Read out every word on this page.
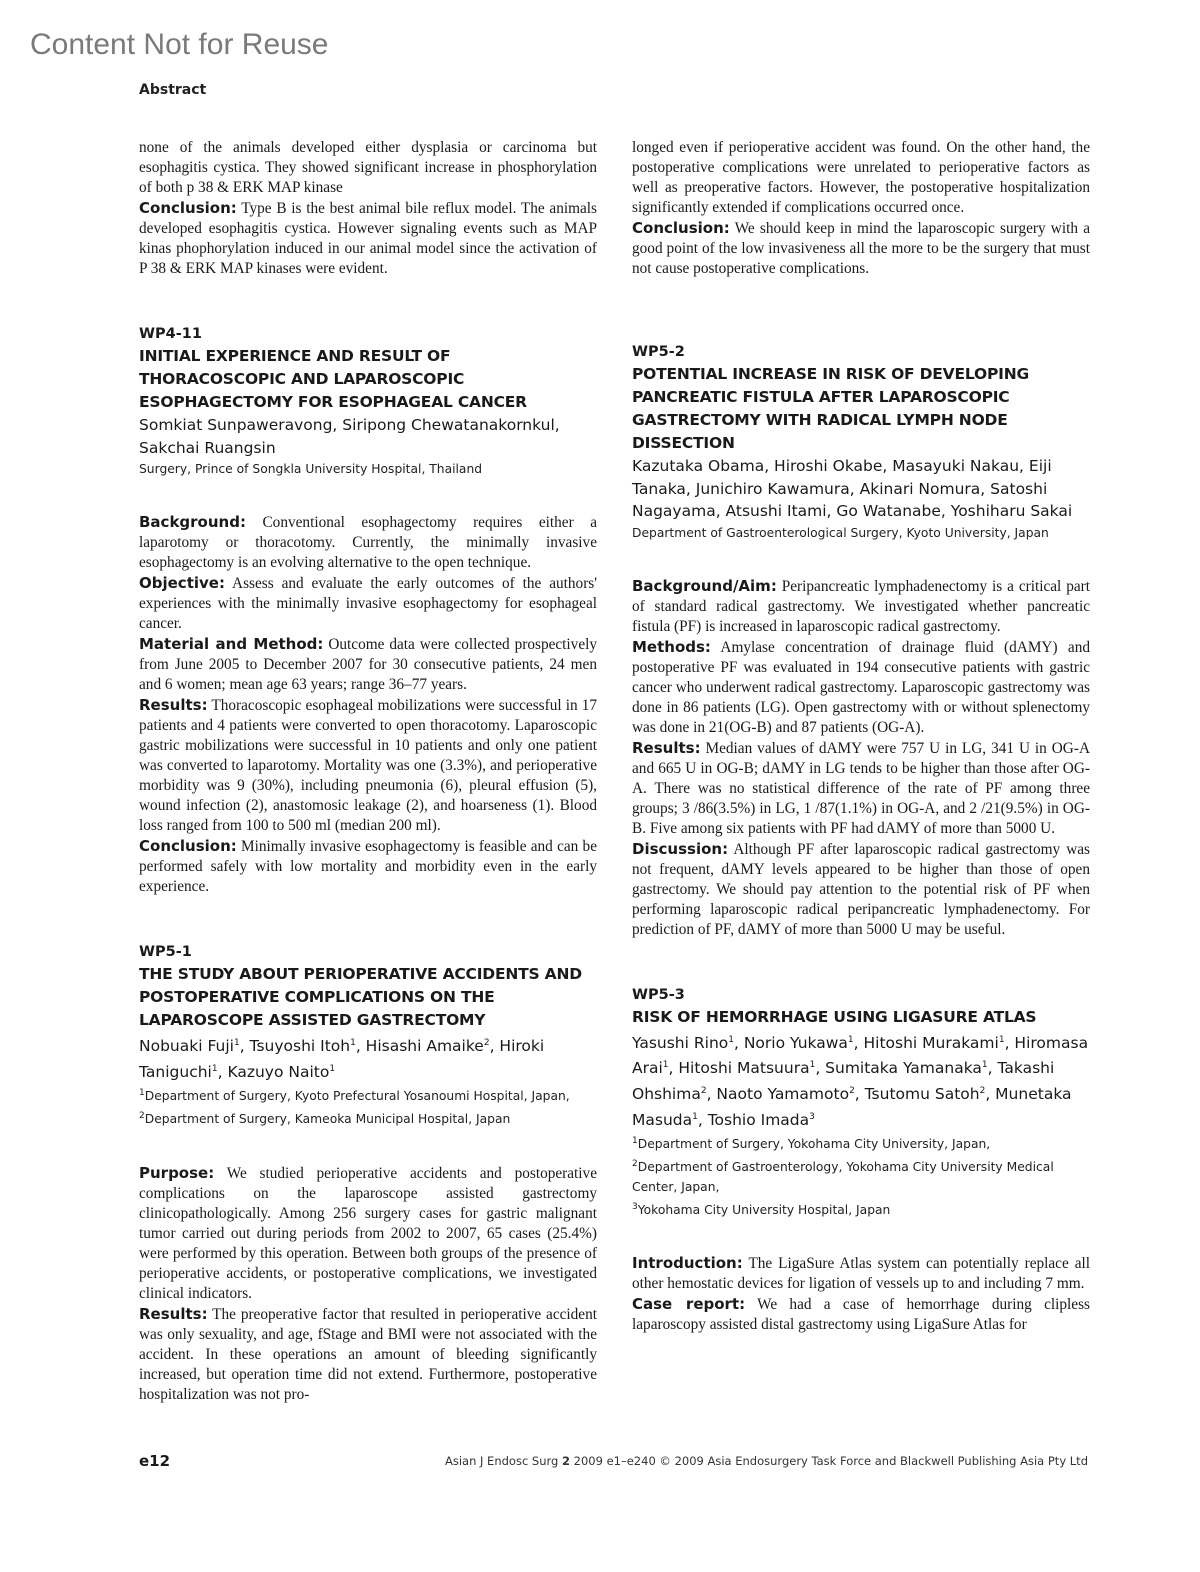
Content Not for Reuse
Abstract

none of the animals developed either dysplasia or carcinoma but esophagitis cystica. They showed significant increase in phosphorylation of both p 38 & ERK MAP kinase

Conclusion: Type B is the best animal bile reflux model. The animals developed esophagitis cystica. However signaling events such as MAP kinas phophorylation induced in our animal model since the activation of P 38 & ERK MAP kinases were evident.

WP4-11
INITIAL EXPERIENCE AND RESULT OF THORACOSCOPIC AND LAPAROSCOPIC ESOPHAGECTOMY FOR ESOPHAGEAL CANCER
Somkiat Sunpaweravong, Siripong Chewatanakornkul, Sakchai Ruangsin
Surgery, Prince of Songkla University Hospital, Thailand

Background: Conventional esophagectomy requires either a laparotomy or thoracotomy. Currently, the minimally invasive esophagectomy is an evolving alternative to the open technique.

Objective: Assess and evaluate the early outcomes of the authors' experiences with the minimally invasive esophagectomy for esophageal cancer.

Material and Method: Outcome data were collected prospectively from June 2005 to December 2007 for 30 consecutive patients, 24 men and 6 women; mean age 63 years; range 36–77 years.

Results: Thoracoscopic esophageal mobilizations were successful in 17 patients and 4 patients were converted to open thoracotomy. Laparoscopic gastric mobilizations were successful in 10 patients and only one patient was converted to laparotomy. Mortality was one (3.3%), and perioperative morbidity was 9 (30%), including pneumonia (6), pleural effusion (5), wound infection (2), anastomosic leakage (2), and hoarseness (1). Blood loss ranged from 100 to 500 ml (median 200 ml).

Conclusion: Minimally invasive esophagectomy is feasible and can be performed safely with low mortality and morbidity even in the early experience.

WP5-1
THE STUDY ABOUT PERIOPERATIVE ACCIDENTS AND POSTOPERATIVE COMPLICATIONS ON THE LAPAROSCOPE ASSISTED GASTRECTOMY
Nobuaki Fuji$^1$, Tsuyoshi Itoh$^1$, Hisashi Amaike$^2$, Hiroki Taniguchi$^1$, Kazuyo Naito$^1$
$^1$Department of Surgery, Kyoto Prefectural Yosanoumi Hospital, Japan,
$^2$Department of Surgery, Kameoka Municipal Hospital, Japan

Purpose: We studied perioperative accidents and postoperative complications on the laparoscope assisted gastrectomy clinicopathologically. Among 256 surgery cases for gastric malignant tumor carried out during periods from 2002 to 2007, 65 cases (25.4%) were performed by this operation. Between both groups of the presence of perioperative accidents, or postoperative complications, we investigated clinical indicators.

Results: The preoperative factor that resulted in perioperative accident was only sexuality, and age, fStage and BMI were not associated with the accident. In these operations an amount of bleeding significantly increased, but operation time did not extend. Furthermore, postoperative hospitalization was not pro-

longed even if perioperative accident was found. On the other hand, the postoperative complications were unrelated to perioperative factors as well as preoperative factors. However, the postoperative hospitalization significantly extended if complications occurred once.

Conclusion: We should keep in mind the laparoscopic surgery with a good point of the low invasiveness all the more to be the surgery that must not cause postoperative complications.

WP5-2
POTENTIAL INCREASE IN RISK OF DEVELOPING PANCREATIC FISTULA AFTER LAPAROSCOPIC GASTRECTOMY WITH RADICAL LYMPH NODE DISSECTION
Kazutaka Obama, Hiroshi Okabe, Masayuki Nakau, Eiji Tanaka, Junichiro Kawamura, Akinari Nomura, Satoshi Nagayama, Atsushi Itami, Go Watanabe, Yoshiharu Sakai
Department of Gastroenterological Surgery, Kyoto University, Japan

Background/Aim: Peripancreatic lymphadenectomy is a critical part of standard radical gastrectomy. We investigated whether pancreatic fistula (PF) is increased in laparoscopic radical gastrectomy.

Methods: Amylase concentration of drainage fluid (dAMY) and postoperative PF was evaluated in 194 consecutive patients with gastric cancer who underwent radical gastrectomy. Laparoscopic gastrectomy was done in 86 patients (LG). Open gastrectomy with or without splenectomy was done in 21(OG-B) and 87 patients (OG-A).

Results: Median values of dAMY were 757 U in LG, 341 U in OG-A and 665 U in OG-B; dAMY in LG tends to be higher than those after OG-A. There was no statistical difference of the rate of PF among three groups; 3 /86(3.5%) in LG, 1 /87(1.1%) in OG-A, and 2 /21(9.5%) in OG-B. Five among six patients with PF had dAMY of more than 5000 U.

Discussion: Although PF after laparoscopic radical gastrectomy was not frequent, dAMY levels appeared to be higher than those of open gastrectomy. We should pay attention to the potential risk of PF when performing laparoscopic radical peripancreatic lymphadenectomy. For prediction of PF, dAMY of more than 5000 U may be useful.

WP5-3
RISK OF HEMORRHAGE USING LIGASURE ATLAS
Yasushi Rino$^1$, Norio Yukawa$^1$, Hitoshi Murakami$^1$, Hiromasa Arai$^1$, Hitoshi Matsuura$^1$, Sumitaka Yamanaka$^1$, Takashi Ohshima$^2$, Naoto Yamamoto$^2$, Tsutomu Satoh$^2$, Munetaka Masuda$^1$, Toshio Imada$^3$
$^1$Department of Surgery, Yokohama City University, Japan,
$^2$Department of Gastroenterology, Yokohama City University Medical Center, Japan,
$^3$Yokohama City University Hospital, Japan

Introduction: The LigaSure Atlas system can potentially replace all other hemostatic devices for ligation of vessels up to and including 7 mm.

Case report: We had a case of hemorrhage during clipless laparoscopy assisted distal gastrectomy using LigaSure Atlas for

e12	Asian J Endosc Surg 2 2009 e1–e240 © 2009 Asia Endosurgery Task Force and Blackwell Publishing Asia Pty Ltd
